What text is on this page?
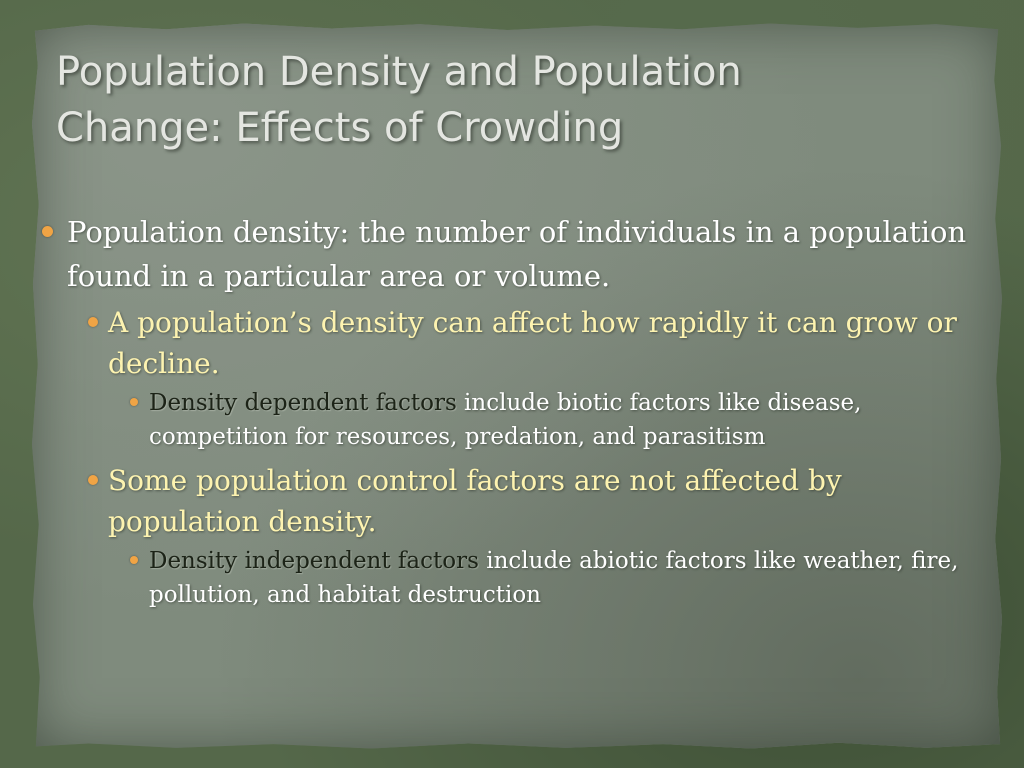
Population Density and Population
Change: Effects of Crowding
Population density: the number of individuals in a population found in a particular area or volume.
A population’s density can affect how rapidly it can grow or decline.
Density dependent factors include biotic factors like disease, competition for resources, predation, and parasitism
Some population control factors are not affected by population density.
Density independent factors include abiotic factors like weather, fire, pollution, and habitat destruction
